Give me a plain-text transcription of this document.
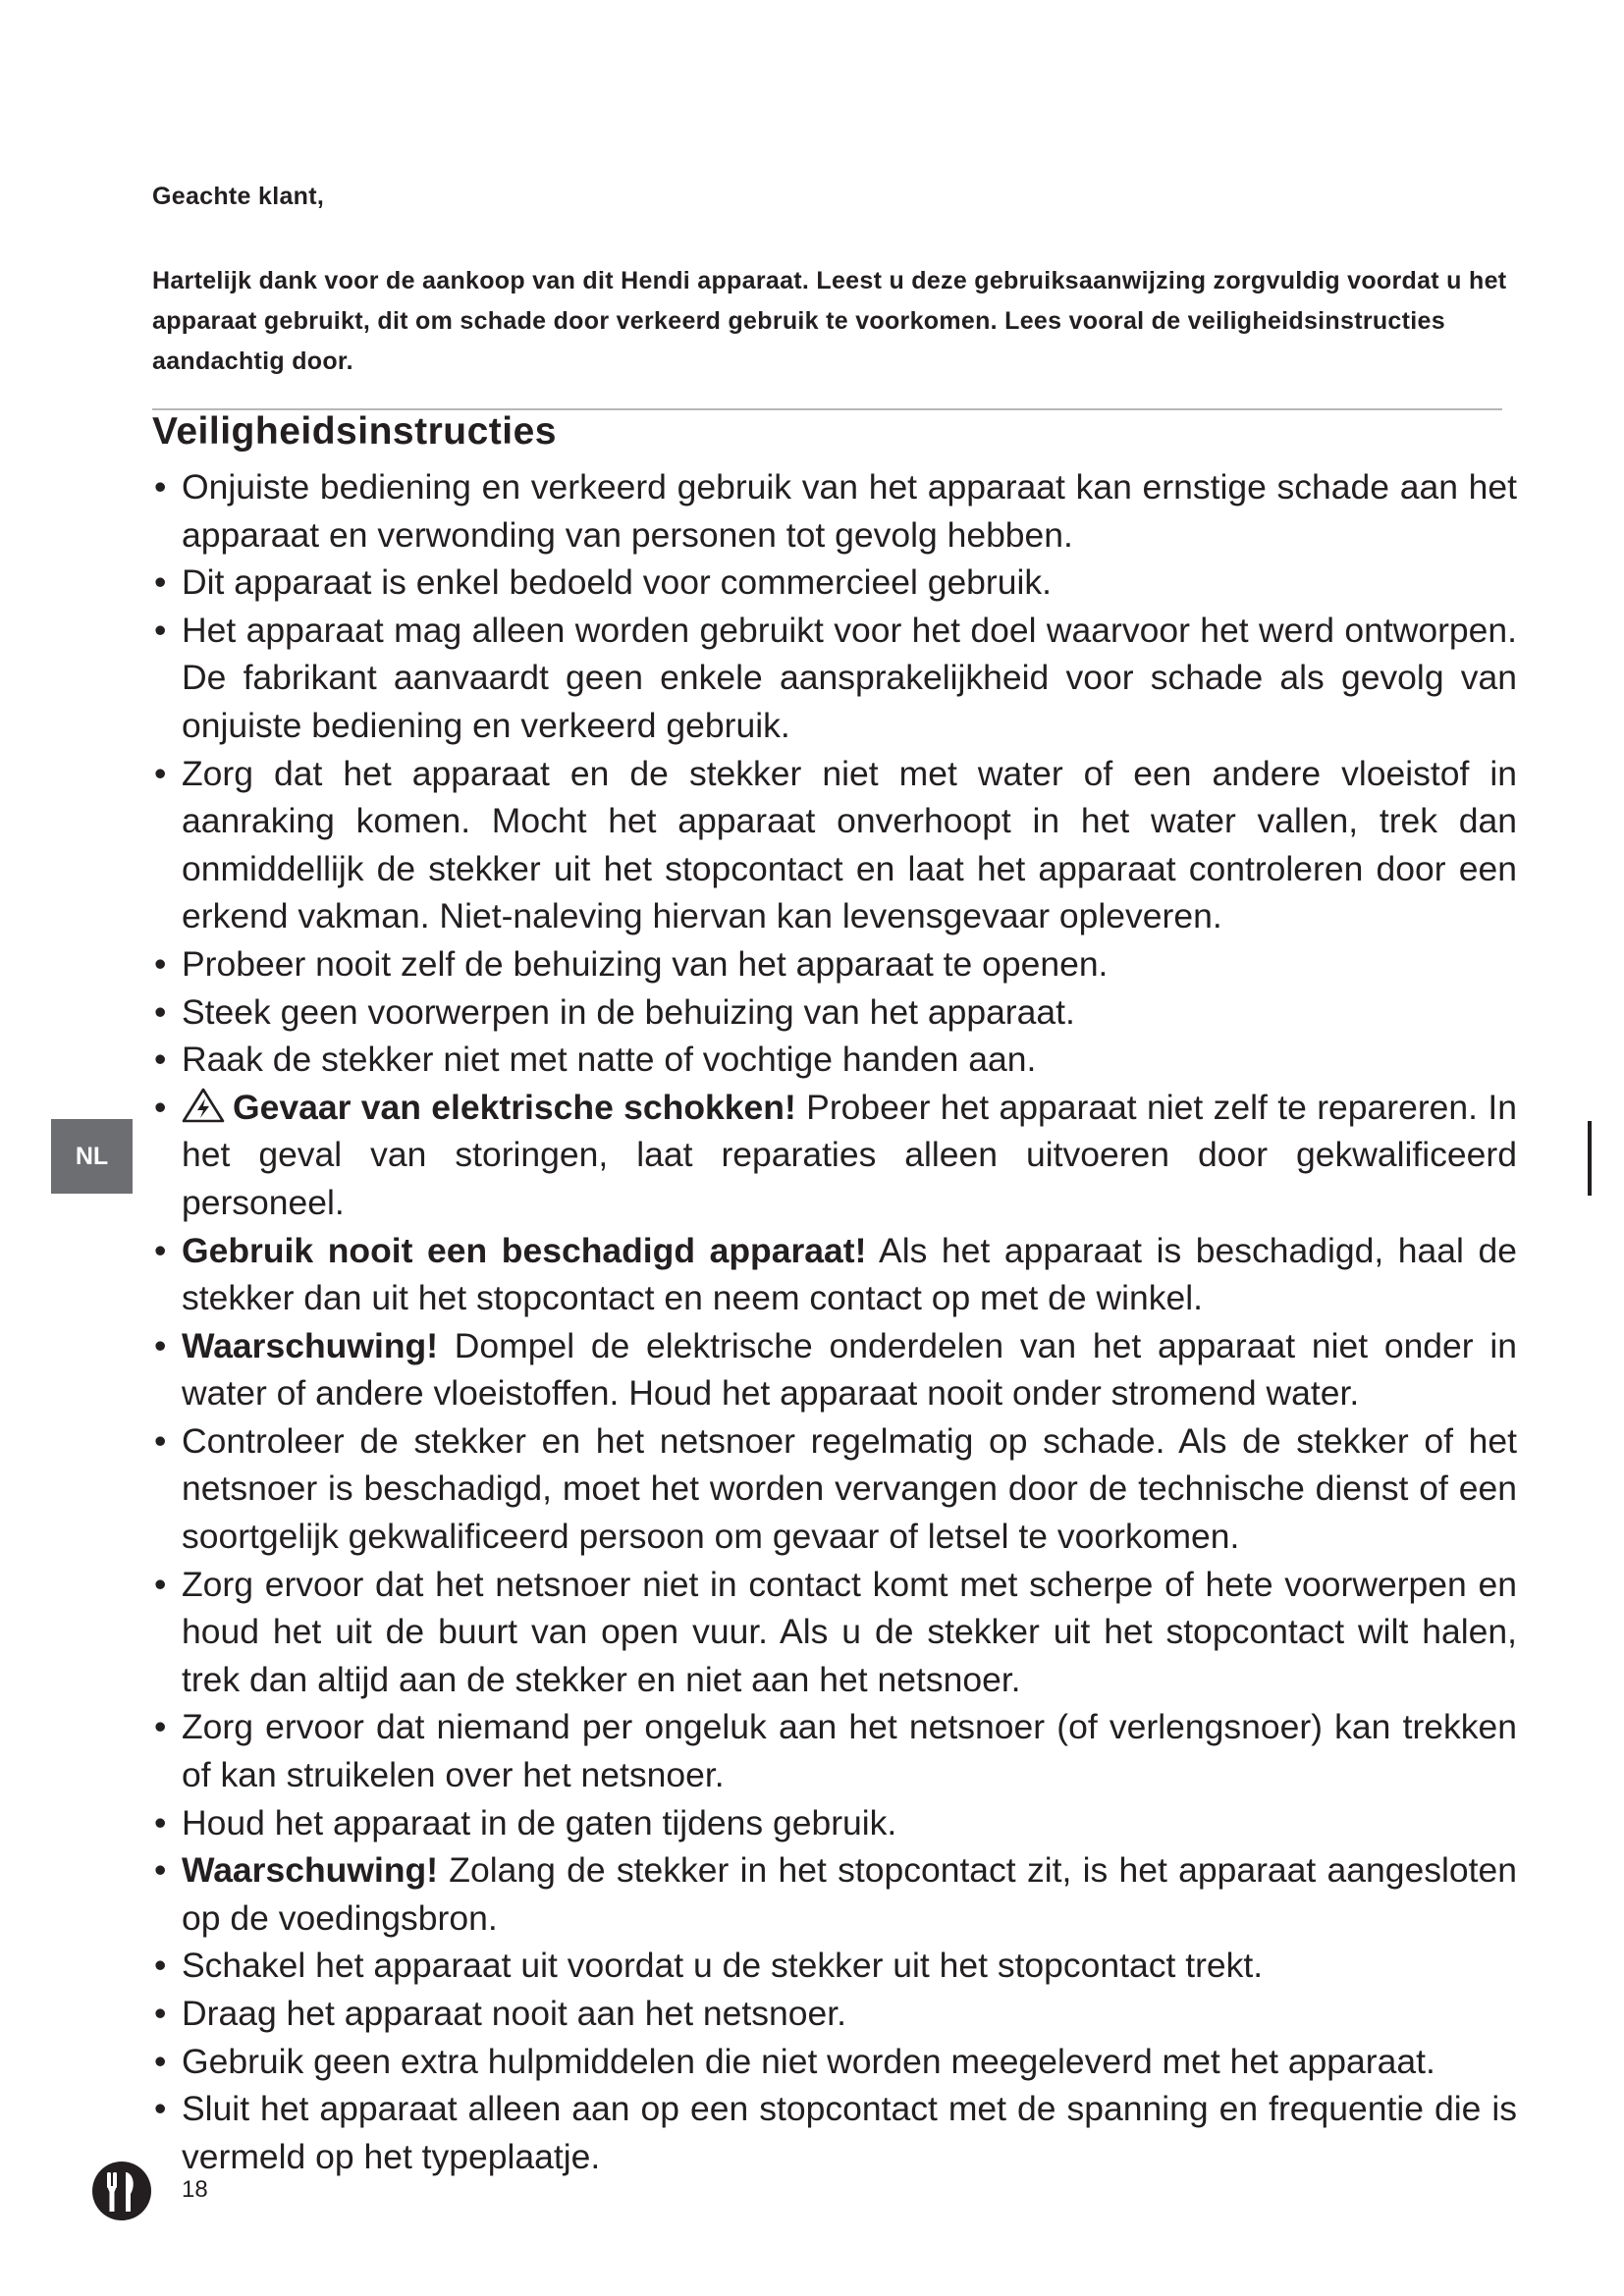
Geachte klant,
Hartelijk dank voor de aankoop van dit Hendi apparaat. Leest u deze gebruiksaanwijzing zorgvuldig voordat u het apparaat gebruikt, dit om schade door verkeerd gebruik te voorkomen. Lees vooral de veiligheidsinstructies aandachtig door.
Veiligheidsinstructies
• Onjuiste bediening en verkeerd gebruik van het apparaat kan ernstige schade aan het apparaat en verwonding van personen tot gevolg hebben.
• Dit apparaat is enkel bedoeld voor commercieel gebruik.
• Het apparaat mag alleen worden gebruikt voor het doel waarvoor het werd ontworpen. De fabrikant aanvaardt geen enkele aansprakelijkheid voor schade als gevolg van onjuiste bediening en verkeerd gebruik.
• Zorg dat het apparaat en de stekker niet met water of een andere vloeistof in aanraking komen. Mocht het apparaat onverhoopt in het water vallen, trek dan onmiddellijk de stekker uit het stopcontact en laat het apparaat controleren door een erkend vakman. Niet-naleving hiervan kan levensgevaar opleveren.
• Probeer nooit zelf de behuizing van het apparaat te openen.
• Steek geen voorwerpen in de behuizing van het apparaat.
• Raak de stekker niet met natte of vochtige handen aan.
• Gevaar van elektrische schokken! Probeer het apparaat niet zelf te repareren. In het geval van storingen, laat reparaties alleen uitvoeren door gekwalificeerd personeel.
• Gebruik nooit een beschadigd apparaat! Als het apparaat is beschadigd, haal de stekker dan uit het stopcontact en neem contact op met de winkel.
• Waarschuwing! Dompel de elektrische onderdelen van het apparaat niet onder in water of andere vloeistoffen. Houd het apparaat nooit onder stromend water.
• Controleer de stekker en het netsnoer regelmatig op schade. Als de stekker of het netsnoer is beschadigd, moet het worden vervangen door de technische dienst of een soortgelijk gekwalificeerd persoon om gevaar of letsel te voorkomen.
• Zorg ervoor dat het netsnoer niet in contact komt met scherpe of hete voorwerpen en houd het uit de buurt van open vuur. Als u de stekker uit het stopcontact wilt halen, trek dan altijd aan de stekker en niet aan het netsnoer.
• Zorg ervoor dat niemand per ongeluk aan het netsnoer (of verlengsnoer) kan trekken of kan struikelen over het netsnoer.
• Houd het apparaat in de gaten tijdens gebruik.
• Waarschuwing! Zolang de stekker in het stopcontact zit, is het apparaat aangesloten op de voedingsbron.
• Schakel het apparaat uit voordat u de stekker uit het stopcontact trekt.
• Draag het apparaat nooit aan het netsnoer.
• Gebruik geen extra hulpmiddelen die niet worden meegeleverd met het apparaat.
• Sluit het apparaat alleen aan op een stopcontact met de spanning en frequentie die is vermeld op het typeplaatje.
NL
18
